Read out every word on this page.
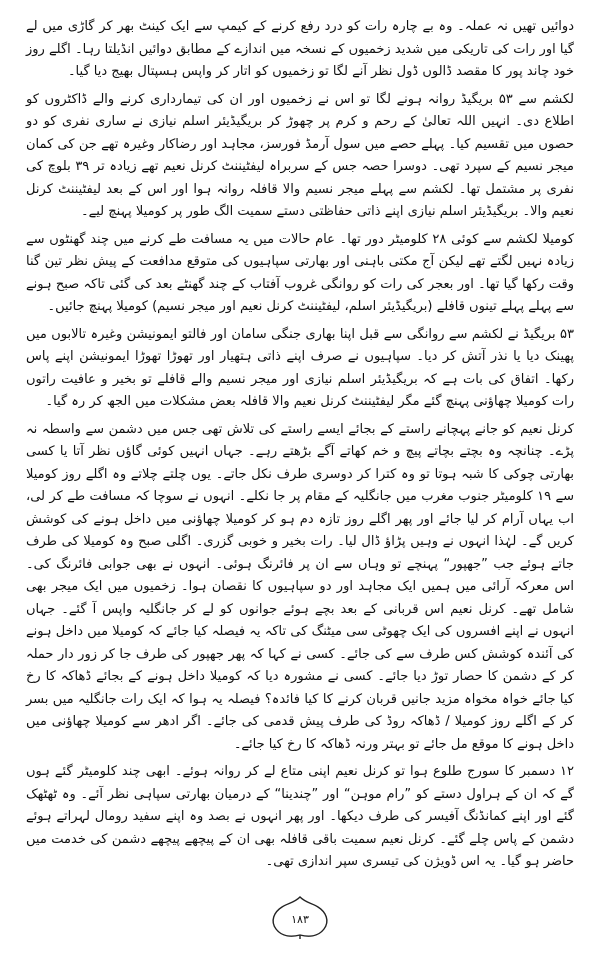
دوائیں تھیں نہ عملہ۔ وہ بے چارہ رات کو درد رفع کرنے کے کیمپ سے ایک کینٹ بھر کر گاڑی میں لے گیا اور رات کی تاریکی میں شدید زخمیوں کے نسخہ میں اندازے کے مطابق دوائیں انڈیلتا رہا۔ اگلے روز خود چاند پور کا مقصد ڈالوں ڈول نظر آنے لگا تو زخمیوں کو اتار کر واپس ہسپتال بھیج دیا گیا۔

لکشم سے ۵۳ بریگیڈ روانہ ہونے لگا تو اس نے زخمیوں اور ان کی تیمارداری کرنے والے ڈاکٹروں کو اطلاع دی۔ انہیں اللہ تعالیٰ کے رحم و کرم پر چھوڑ کر بریگیڈیئر اسلم نیازی نے ساری نفری کو دو حصوں میں تقسیم کیا۔ پہلے حصے میں سول آرمڈ فورسز، مجاہد اور رضاکار وغیرہ تھے جن کی کمان میجر نسیم کے سپرد تھی۔ دوسرا حصہ جس کے سربراہ لیفٹیننٹ کرنل نعیم تھے زیادہ تر ۳۹ بلوچ کی نفری پر مشتمل تھا۔ لکشم سے پہلے میجر نسیم والا قافلہ روانہ ہوا اور اس کے بعد لیفٹیننٹ کرنل نعیم والا۔ بریگیڈیئر اسلم نیازی اپنے ذاتی حفاظتی دستے سمیت الگ طور پر کومیلا پہنچ لیے۔

کومیلا لکشم سے کوئی ۲۸ کلومیٹر دور تھا۔ عام حالات میں یہ مسافت طے کرنے میں چند گھنٹوں سے زیادہ نہیں لگتے تھے لیکن آج مکتی باہنی اور بھارتی سپاہیوں کی متوقع مدافعت کے پیش نظر تین گنا وقت رکھا گیا تھا۔ اور بعجر کی رات کو روانگی غروب آفتاب کے چند گھنٹے بعد کی گئی تاکہ صبح ہونے سے پہلے پہلے تینوں قافلے (بریگیڈیئر اسلم، لیفٹیننٹ کرنل نعیم اور میجر نسیم) کومیلا پہنچ جائیں۔

۵۳ بریگیڈ نے لکشم سے روانگی سے قبل اپنا بھاری جنگی سامان اور فالتو ایمونیشن وغیرہ تالابوں میں پھینک دیا یا نذر آتش کر دیا۔ سپاہیوں نے صرف اپنے ذاتی ہتھیار اور تھوڑا تھوڑا ایمونیشن اپنے پاس رکھا۔ اتفاق کی بات ہے کہ بریگیڈیئر اسلم نیازی اور میجر نسیم والے قافلے تو بخیر و عافیت راتوں رات کومیلا چھاؤنی پہنچ گئے مگر لیفٹیننٹ کرنل نعیم والا قافلہ بعض مشکلات میں الجھ کر رہ گیا۔

کرنل نعیم کو جانے پہچانے راستے کے بجائے ایسے راستے کی تلاش تھی جس میں دشمن سے واسطہ نہ پڑے۔ چنانچہ وہ بچتے بچاتے پیچ و خم کھاتے آگے بڑھتے رہے۔ جہاں انہیں کوئی گاؤں نظر آتا یا کسی بھارتی چوکی کا شبہ ہوتا تو وہ کترا کر دوسری طرف نکل جاتے۔ یوں چلتے چلاتے وہ اگلے روز کومیلا سے ۱۹ کلومیٹر جنوب مغرب میں جانگلیہ کے مقام پر جا نکلے۔ انہوں نے سوچا کہ مسافت طے کر لی، اب یہاں آرام کر لیا جائے اور پھر اگلے روز تازہ دم ہو کر کومیلا چھاؤنی میں داخل ہونے کی کوشش کریں گے۔ لہٰذا انہوں نے وہیں پڑاؤ ڈال لیا۔ رات بخیر و خوبی گزری۔ اگلی صبح وہ کومیلا کی طرف جاتے ہوئے جب ”جھپور“ پہنچے تو وہاں سے ان پر فائرنگ ہوئی۔ انہوں نے بھی جوابی فائرنگ کی۔ اس معرکہ آرائی میں ہمیں ایک مجاہد اور دو سپاہیوں کا نقصان ہوا۔ زخمیوں میں ایک میجر بھی شامل تھے۔ کرنل نعیم اس قربانی کے بعد بچے ہوئے جوانوں کو لے کر جانگلیہ واپس آ گئے۔ جہاں انہوں نے اپنے افسروں کی ایک چھوٹی سی میٹنگ کی تاکہ یہ فیصلہ کیا جائے کہ کومیلا میں داخل ہونے کی آئندہ کوشش کس طرف سے کی جائے۔ کسی نے کہا کہ پھر جھپور کی طرف جا کر زور دار حملہ کر کے دشمن کا حصار توڑ دیا جائے۔ کسی نے مشورہ دیا کہ کومیلا داخل ہونے کے بجائے ڈھاکہ کا رخ کیا جائے خواہ مخواہ مزید جانیں قربان کرنے کا کیا فائدہ؟ فیصلہ یہ ہوا کہ ایک رات جانگلیہ میں بسر کر کے اگلے روز کومیلا / ڈھاکہ روڈ کی طرف پیش قدمی کی جائے۔ اگر ادھر سے کومیلا چھاؤنی میں داخل ہونے کا موقع مل جائے تو بہتر ورنہ ڈھاکہ کا رخ کیا جائے۔

۱۲ دسمبر کا سورج طلوع ہوا تو کرنل نعیم اپنی متاع لے کر روانہ ہوئے۔ ابھی چند کلومیٹر گئے ہوں گے کہ ان کے ہراول دستے کو ”رام موہن“ اور ”چندینا“ کے درمیان بھارتی سپاہی نظر آئے۔ وہ ٹھٹھک گئے اور اپنے کمانڈنگ آفیسر کی طرف دیکھا۔ اور پھر انہوں نے بصد وہ اپنے سفید رومال لہراتے ہوئے دشمن کے پاس چلے گئے۔ کرنل نعیم سمیت باقی قافلہ بھی ان کے پیچھے پیچھے دشمن کی خدمت میں حاضر ہو گیا۔ یہ اس ڈویژن کی تیسری سپر اندازی تھی۔

۱۸۳
